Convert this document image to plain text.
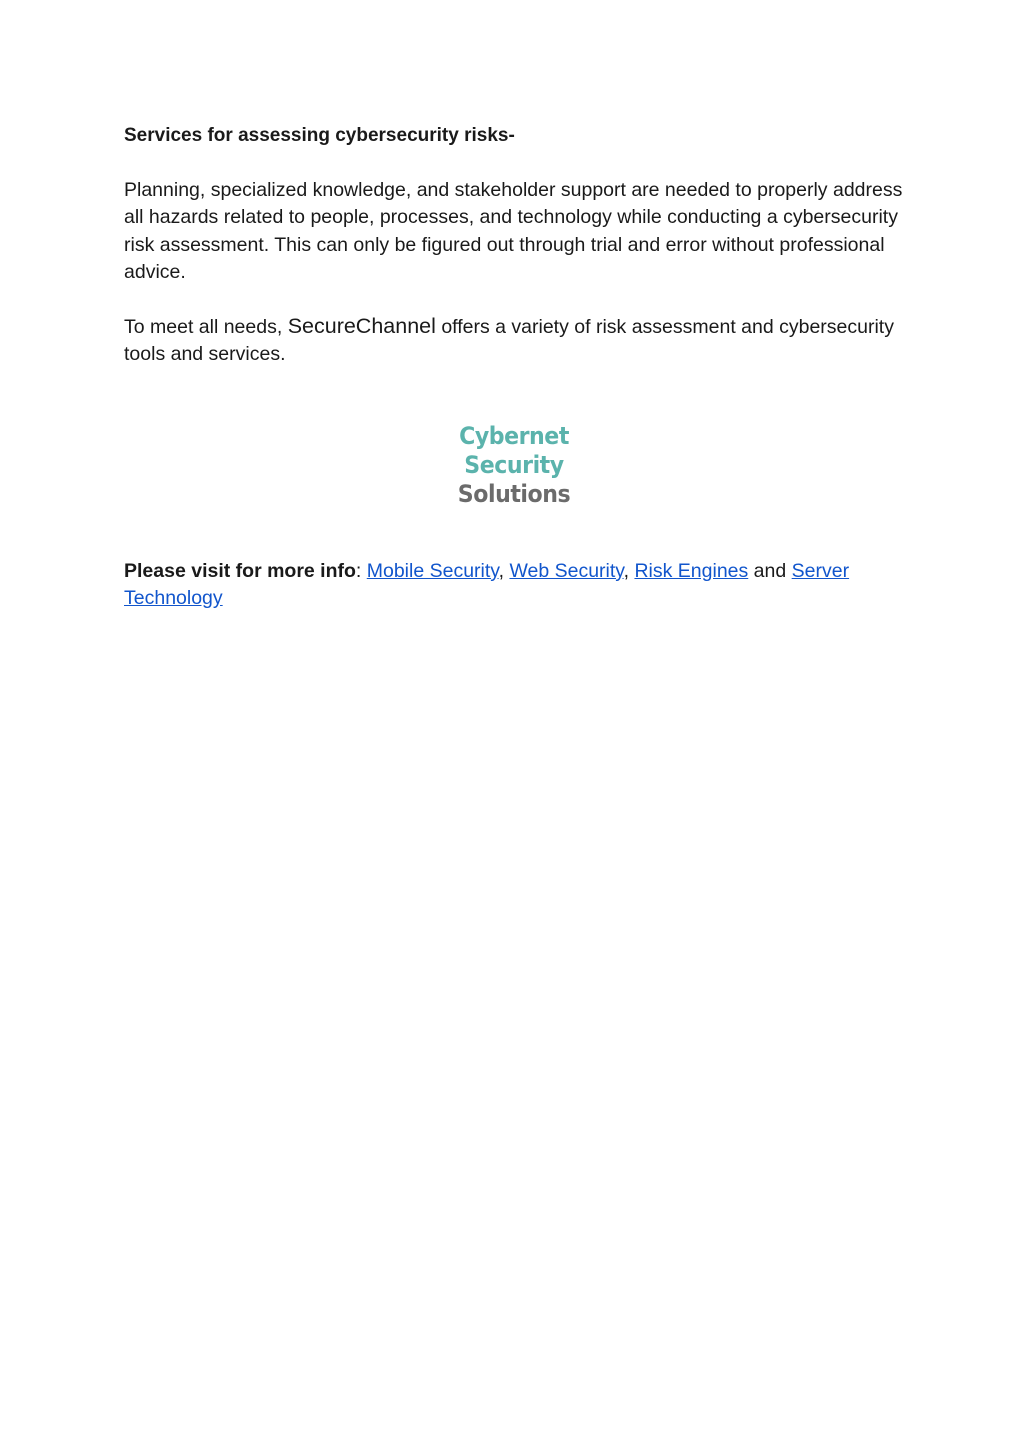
Services for assessing cybersecurity risks-

Planning, specialized knowledge, and stakeholder support are needed to properly address all hazards related to people, processes, and technology while conducting a cybersecurity risk assessment. This can only be figured out through trial and error without professional advice.

To meet all needs, SecureChannel offers a variety of risk assessment and cybersecurity tools and services.

Cybernet
Security
Solutions

Please visit for more info: Mobile Security, Web Security, Risk Engines and Server Technology
